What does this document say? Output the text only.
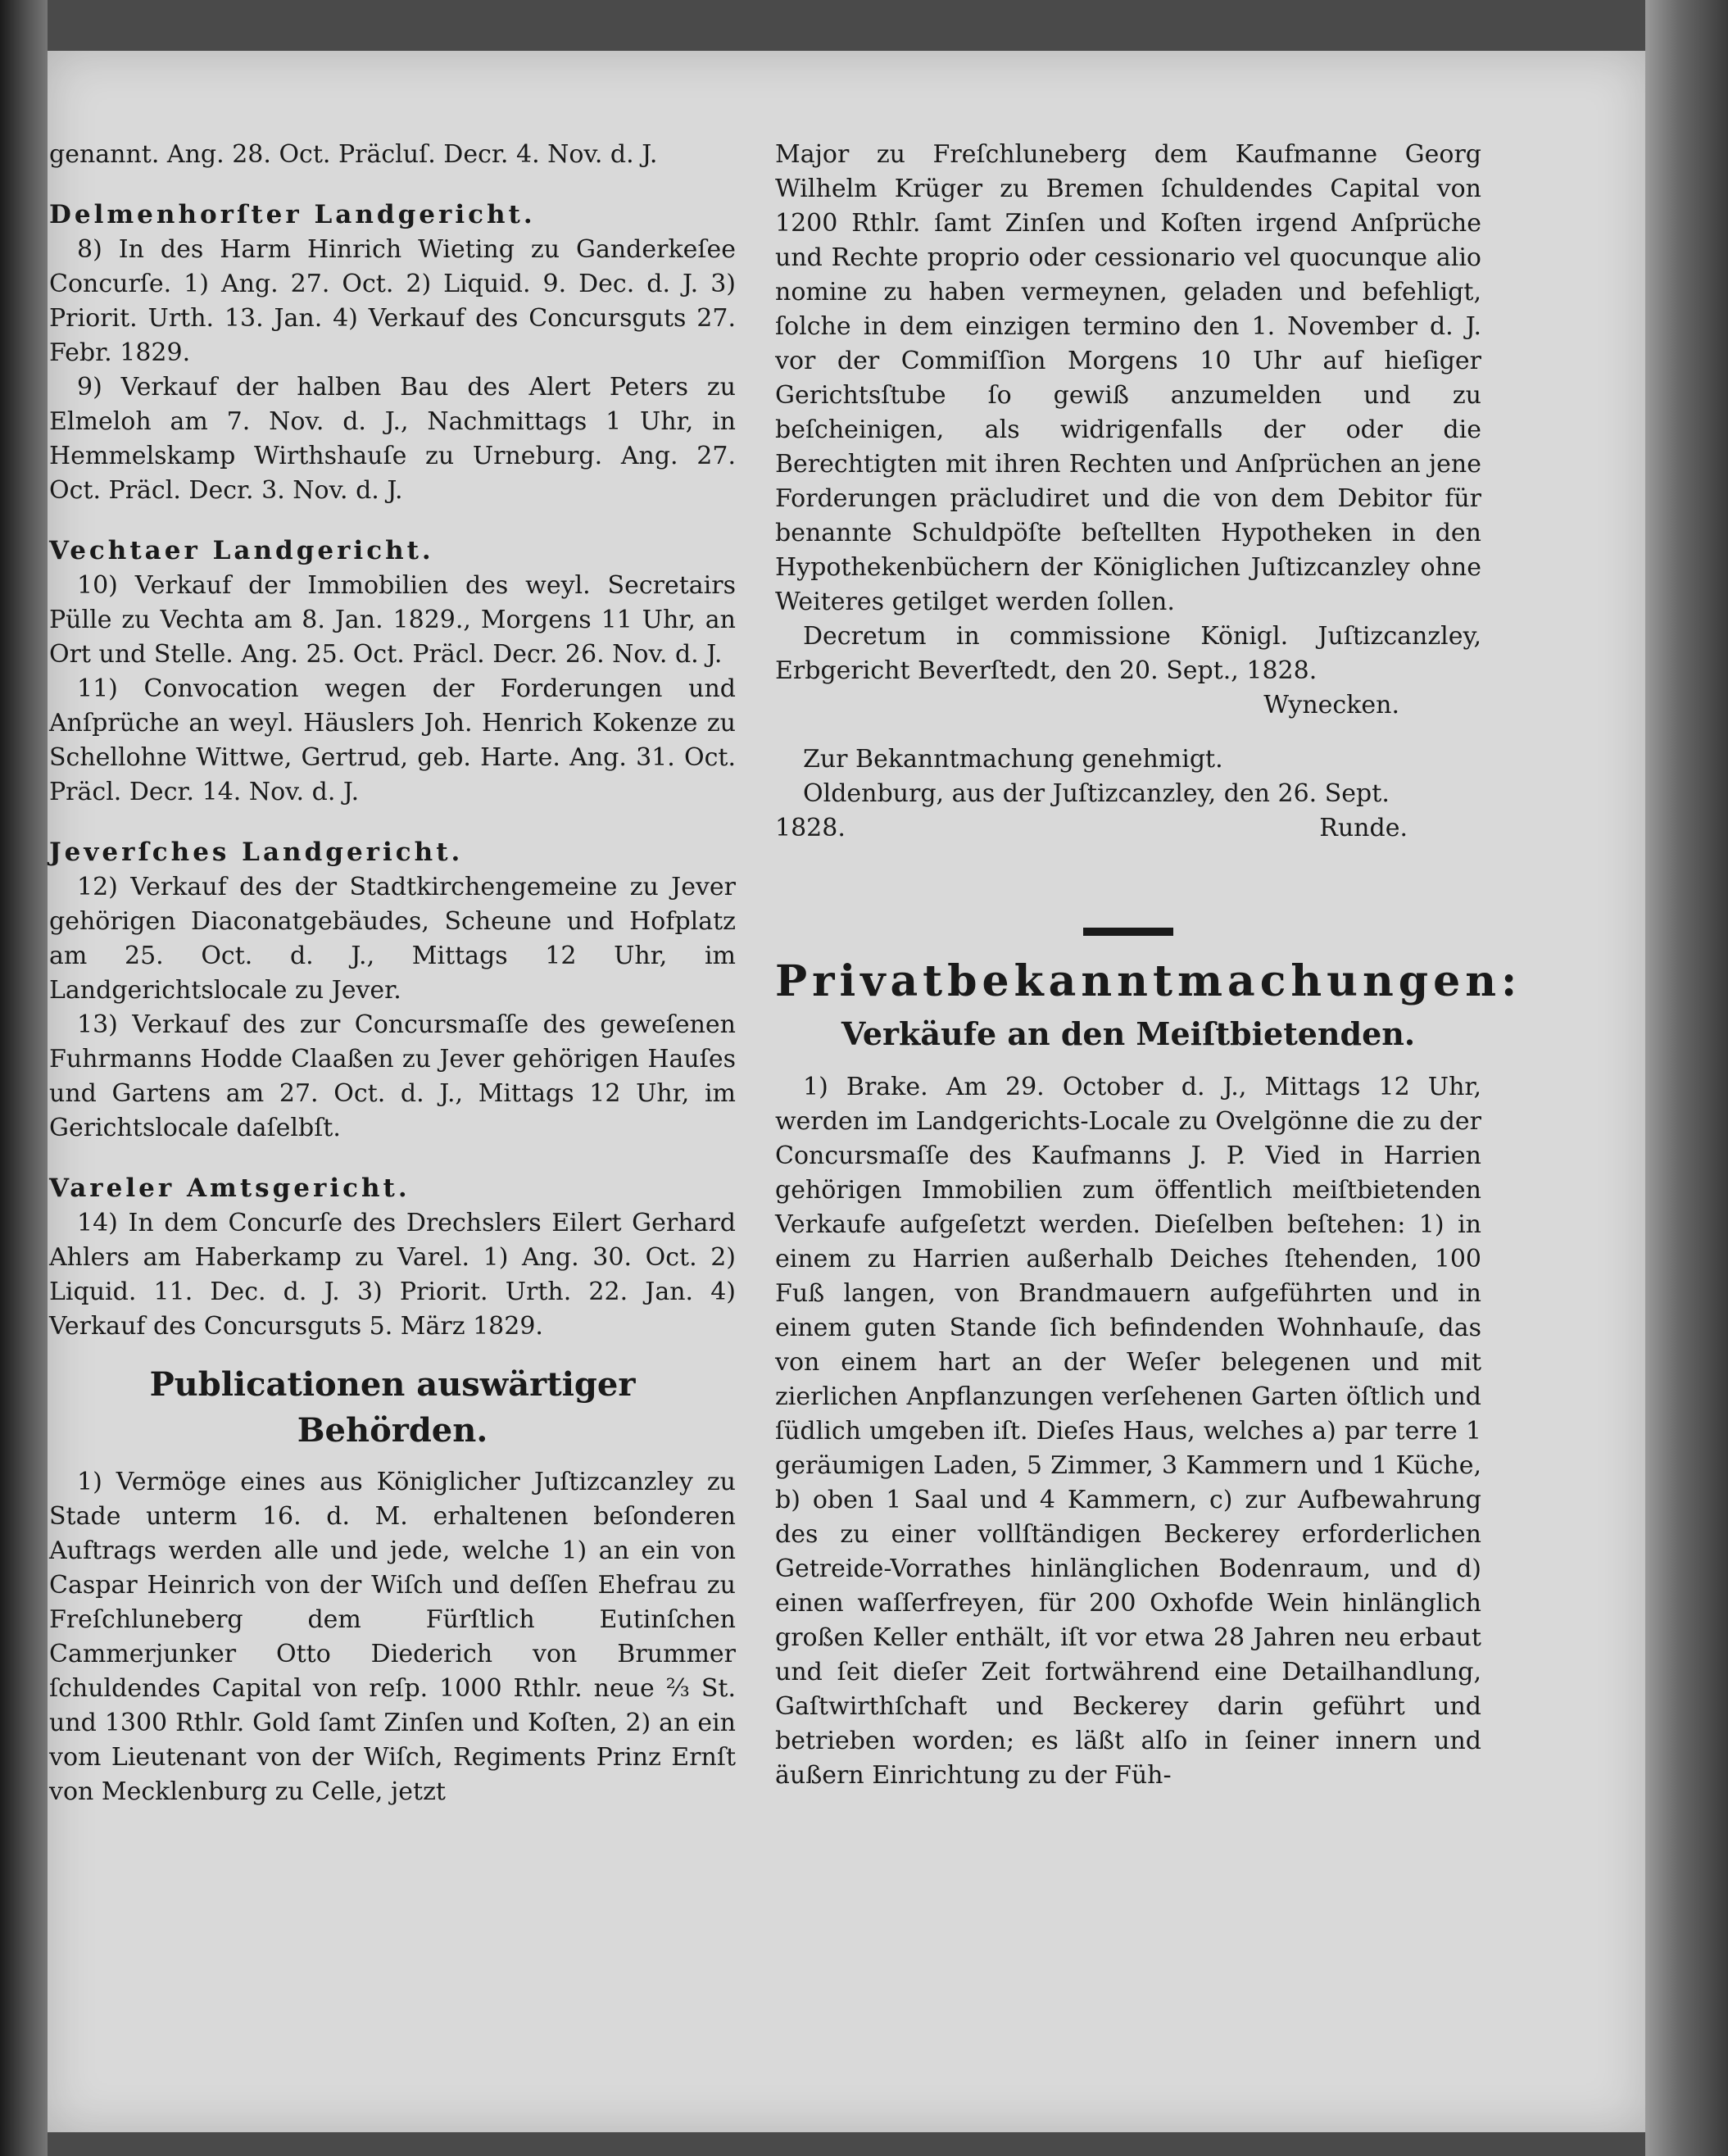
genannt. Ang. 28. Oct. Präcluſ. Decr. 4. Nov. d. J.

Delmenhorſter Landgericht.

8) In des Harm Hinrich Wieting zu Ganderkeſee Concurſe. 1) Ang. 27. Oct. 2) Liquid. 9. Dec. d. J. 3) Priorit. Urth. 13. Jan. 4) Verkauf des Concursguts 27. Febr. 1829.

9) Verkauf der halben Bau des Alert Peters zu Elmeloh am 7. Nov. d. J., Nachmittags 1 Uhr, in Hemmelskamp Wirthshauſe zu Urneburg. Ang. 27. Oct. Präcl. Decr. 3. Nov. d. J.

Vechtaer Landgericht.

10) Verkauf der Immobilien des weyl. Secretairs Pülle zu Vechta am 8. Jan. 1829., Morgens 11 Uhr, an Ort und Stelle. Ang. 25. Oct. Präcl. Decr. 26. Nov. d. J.

11) Convocation wegen der Forderungen und Anſprüche an weyl. Häuslers Joh. Henrich Kokenze zu Schellohne Wittwe, Gertrud, geb. Harte. Ang. 31. Oct. Präcl. Decr. 14. Nov. d. J.

Jeverſches Landgericht.

12) Verkauf des der Stadtkirchengemeine zu Jever gehörigen Diaconatgebäudes, Scheune und Hofplatz am 25. Oct. d. J., Mittags 12 Uhr, im Landgerichtslocale zu Jever.

13) Verkauf des zur Concursmaſſe des geweſenen Fuhrmanns Hodde Claaßen zu Jever gehörigen Hauſes und Gartens am 27. Oct. d. J., Mittags 12 Uhr, im Gerichtslocale daſelbſt.

Vareler Amtsgericht.

14) In dem Concurſe des Drechslers Eilert Gerhard Ahlers am Haberkamp zu Varel. 1) Ang. 30. Oct. 2) Liquid. 11. Dec. d. J. 3) Priorit. Urth. 22. Jan. 4) Verkauf des Concursguts 5. März 1829.

Publicationen auswärtiger Behörden.

1) Vermöge eines aus Königlicher Juſtizcanzley zu Stade unterm 16. d. M. erhaltenen beſonderen Auftrags werden alle und jede, welche 1) an ein von Caspar Heinrich von der Wiſch und deſſen Ehefrau zu Freſchluneberg dem Fürſtlich Eutinſchen Cammerjunker Otto Diederich von Brummer ſchuldendes Capital von reſp. 1000 Rthlr. neue ⅔ St. und 1300 Rthlr. Gold ſamt Zinſen und Koſten, 2) an ein vom Lieutenant von der Wiſch, Regiments Prinz Ernſt von Mecklenburg zu Celle, jetzt

Major zu Freſchluneberg dem Kaufmanne Georg Wilhelm Krüger zu Bremen ſchuldendes Capital von 1200 Rthlr. ſamt Zinſen und Koſten irgend Anſprüche und Rechte proprio oder cessionario vel quocunque alio nomine zu haben vermeynen, geladen und befehligt, ſolche in dem einzigen termino den 1. November d. J. vor der Commiſſion Morgens 10 Uhr auf hieſiger Gerichtsſtube ſo gewiß anzumelden und zu beſcheinigen, als widrigenfalls der oder die Berechtigten mit ihren Rechten und Anſprüchen an jene Forderungen präcludiret und die von dem Debitor für benannte Schuldpöſte beſtellten Hypotheken in den Hypothekenbüchern der Königlichen Juſtizcanzley ohne Weiteres getilget werden ſollen.

Decretum in commissione Königl. Juſtizcanzley, Erbgericht Beverſtedt, den 20. Sept., 1828.

Wynecken.

Zur Bekanntmachung genehmigt.

Oldenburg, aus der Juſtizcanzley, den 26. Sept.

1828.	Runde.

Privatbekanntmachungen:
Verkäufe an den Meiſtbietenden.

1) Brake. Am 29. October d. J., Mittags 12 Uhr, werden im Landgerichts-Locale zu Ovelgönne die zu der Concursmaſſe des Kaufmanns J. P. Vied in Harrien gehörigen Immobilien zum öffentlich meiſtbietenden Verkaufe aufgeſetzt werden. Dieſelben beſtehen: 1) in einem zu Harrien außerhalb Deiches ſtehenden, 100 Fuß langen, von Brandmauern aufgeführten und in einem guten Stande ſich befindenden Wohnhauſe, das von einem hart an der Weſer belegenen und mit zierlichen Anpflanzungen verſehenen Garten öſtlich und ſüdlich umgeben iſt. Dieſes Haus, welches a) par terre 1 geräumigen Laden, 5 Zimmer, 3 Kammern und 1 Küche, b) oben 1 Saal und 4 Kammern, c) zur Aufbewahrung des zu einer vollſtändigen Beckerey erforderlichen Getreide-Vorrathes hinlänglichen Bodenraum, und d) einen waſſerfreyen, für 200 Oxhofde Wein hinlänglich großen Keller enthält, iſt vor etwa 28 Jahren neu erbaut und ſeit dieſer Zeit fortwährend eine Detailhandlung, Gaſtwirthſchaft und Beckerey darin geführt und betrieben worden; es läßt alſo in ſeiner innern und äußern Einrichtung zu der Füh-
